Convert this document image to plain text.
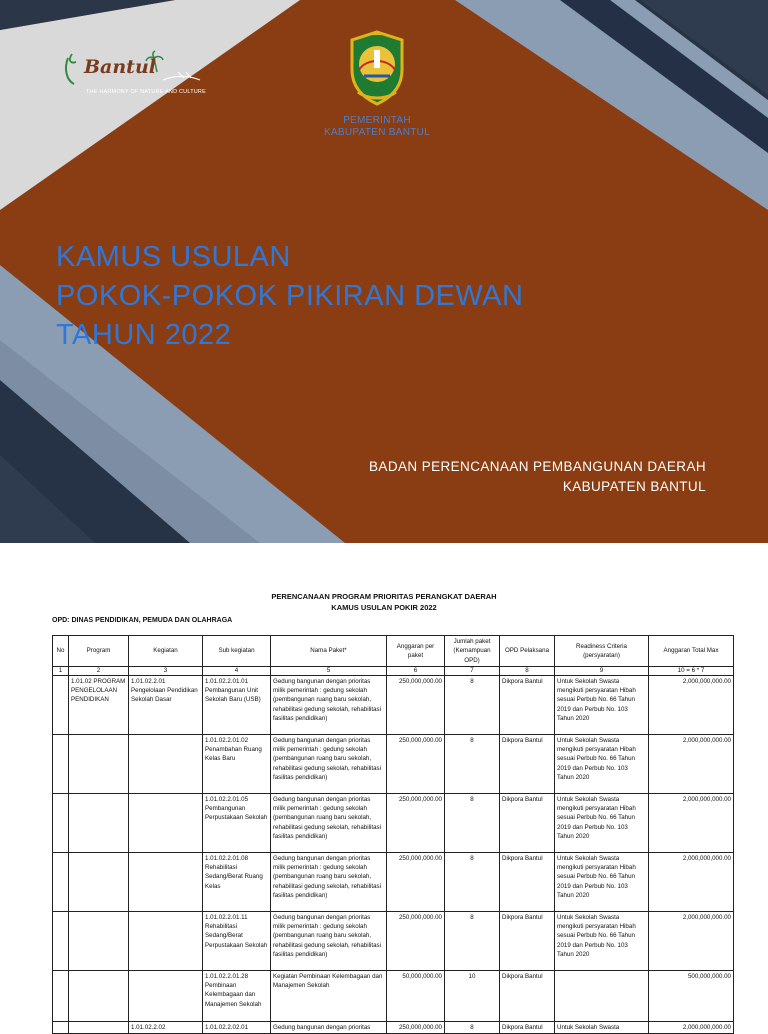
Bantul
THE HARMONY OF NATURE AND CULTURE
PEMERINTAH
KABUPATEN BANTUL
KAMUS USULAN
POKOK-POKOK PIKIRAN DEWAN
TAHUN 2022
BADAN PERENCANAAN PEMBANGUNAN DAERAH
KABUPATEN BANTUL
PERENCANAAN PROGRAM PRIORITAS PERANGKAT DAERAH
KAMUS USULAN POKIR 2022
OPD: DINAS PENDIDIKAN, PEMUDA DAN OLAHRAGA
No	Program	Kegiatan	Sub kegiatan	Nama Paket*	Anggaran per paket	Jumlah paket (Kemampuan OPD)	OPD Pelaksana	Readiness Criteria (persyaratan)	Anggaran Total Max
1	2	3	4	5	6	7	8	9	10 = 6 * 7
	1.01.02 PROGRAM PENGELOLAAN PENDIDIKAN	1.01.02.2.01 Pengelolaan Pendidikan Sekolah Dasar	1.01.02.2.01.01 Pembangunan Unit Sekolah Baru (USB)	Gedung bangunan dengan prioritas milik pemerintah : gedung sekolah (pembangunan ruang baru sekolah, rehabilitasi gedung sekolah, rehabilitasi fasilitas pendidikan)	250,000,000.00	8	Dikpora Bantul	Untuk Sekolah Swasta mengikuti persyaratan Hibah sesuai Perbub No. 66 Tahun 2019 dan Perbub No. 103 Tahun 2020	2,000,000,000.00
			1.01.02.2.01.02 Penambahan Ruang Kelas Baru	Gedung bangunan dengan prioritas milik pemerintah : gedung sekolah (pembangunan ruang baru sekolah, rehabilitasi gedung sekolah, rehabilitasi fasilitas pendidikan)	250,000,000.00	8	Dikpora Bantul	Untuk Sekolah Swasta mengikuti persyaratan Hibah sesuai Perbub No. 66 Tahun 2019 dan Perbub No. 103 Tahun 2020	2,000,000,000.00
			1.01.02.2.01.05 Pembangunan Perpustakaan Sekolah	Gedung bangunan dengan prioritas milik pemerintah : gedung sekolah (pembangunan ruang baru sekolah, rehabilitasi gedung sekolah, rehabilitasi fasilitas pendidikan)	250,000,000.00	8	Dikpora Bantul	Untuk Sekolah Swasta mengikuti persyaratan Hibah sesuai Perbub No. 66 Tahun 2019 dan Perbub No. 103 Tahun 2020	2,000,000,000.00
			1.01.02.2.01.08 Rehabilitasi Sedang/Berat Ruang Kelas	Gedung bangunan dengan prioritas milik pemerintah : gedung sekolah (pembangunan ruang baru sekolah, rehabilitasi gedung sekolah, rehabilitasi fasilitas pendidikan)	250,000,000.00	8	Dikpora Bantul	Untuk Sekolah Swasta mengikuti persyaratan Hibah sesuai Perbub No. 66 Tahun 2019 dan Perbub No. 103 Tahun 2020	2,000,000,000.00
			1.01.02.2.01.11 Rehabilitasi Sedang/Berat Perpustakaan Sekolah	Gedung bangunan dengan prioritas milik pemerintah : gedung sekolah (pembangunan ruang baru sekolah, rehabilitasi gedung sekolah, rehabilitasi fasilitas pendidikan)	250,000,000.00	8	Dikpora Bantul	Untuk Sekolah Swasta mengikuti persyaratan Hibah sesuai Perbub No. 66 Tahun 2019 dan Perbub No. 103 Tahun 2020	2,000,000,000.00
			1.01.02.2.01.28 Pembinaan Kelembagaan dan Manajemen Sekolah	Kegiatan Pembinaan Kelembagaan dan Manajemen Sekolah	50,000,000.00	10	Dikpora Bantul		500,000,000.00
		1.01.02.2.02	1.01.02.2.02.01	Gedung bangunan dengan prioritas	250,000,000.00	8	Dikpora Bantul	Untuk Sekolah Swasta	2,000,000,000.00
